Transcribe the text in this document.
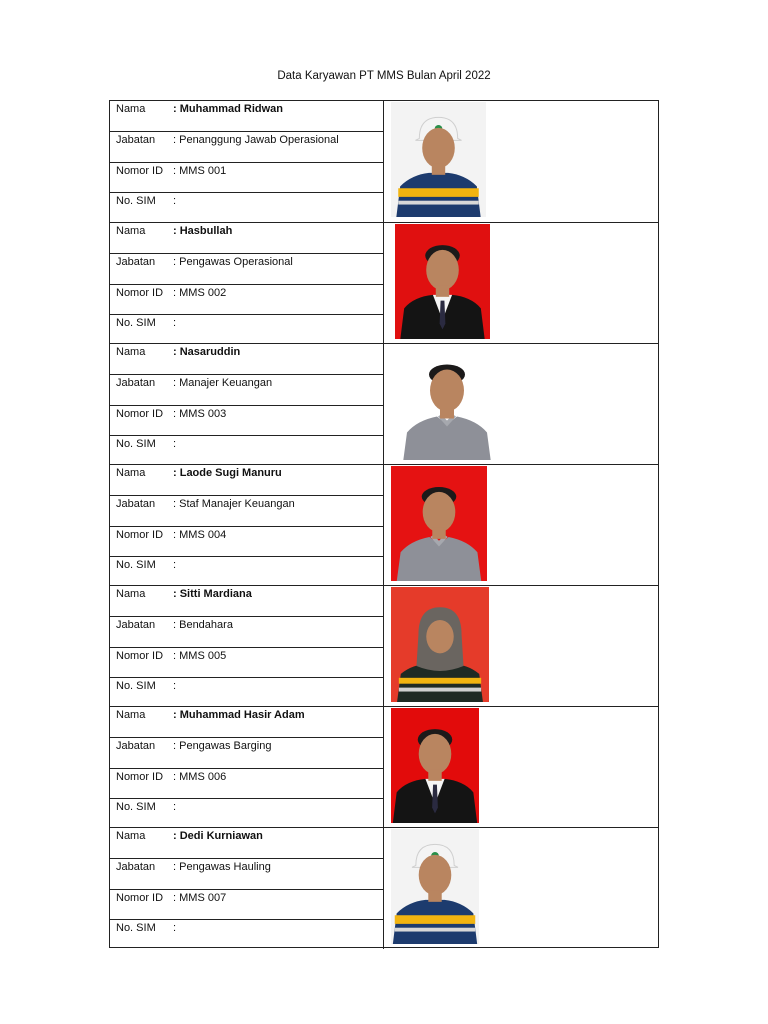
Data Karyawan PT MMS Bulan April 2022
Nama	: Muhammad Ridwan
Jabatan : Penanggung Jawab Operasional
Nomor ID : MMS 001
No. SIM :
Nama	: Hasbullah
Jabatan : Pengawas Operasional
Nomor ID : MMS 002
No. SIM :
Nama	: Nasaruddin
Jabatan : Manajer Keuangan
Nomor ID : MMS 003
No. SIM :
Nama	: Laode Sugi Manuru
Jabatan : Staf Manajer Keuangan
Nomor ID : MMS 004
No. SIM :
Nama	: Sitti Mardiana
Jabatan : Bendahara
Nomor ID : MMS 005
No. SIM :
Nama	: Muhammad Hasir Adam
Jabatan : Pengawas Barging
Nomor ID : MMS 006
No. SIM :
Nama	: Dedi Kurniawan
Jabatan : Pengawas Hauling
Nomor ID : MMS 007
No. SIM :
